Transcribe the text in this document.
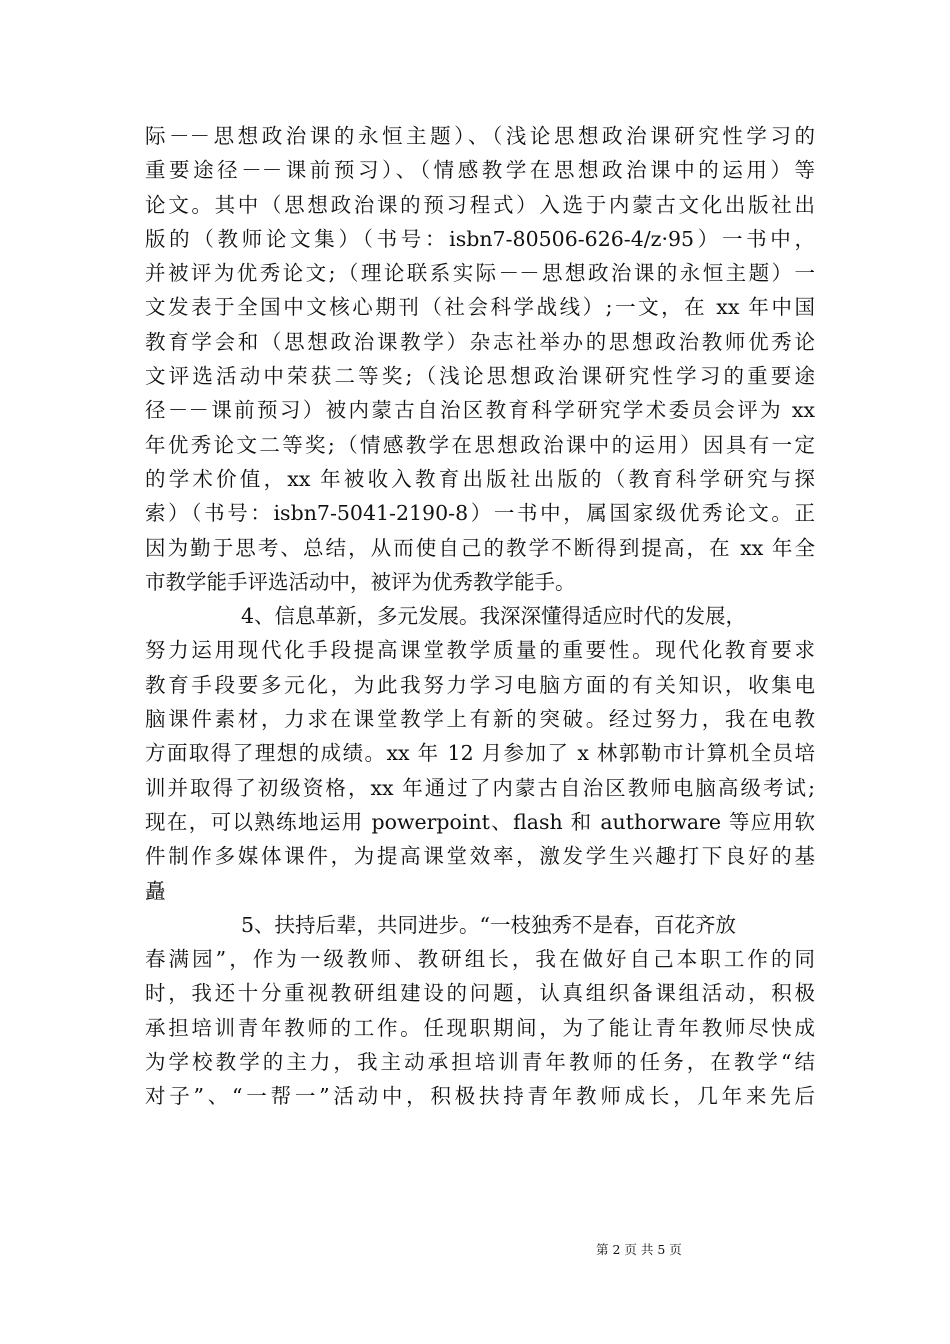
际－－思想政治课的永恒主题）、（浅论思想政治课研究性学习的
重要途径－－课前预习）、（情感教学在思想政治课中的运用）等
论文。其中（思想政治课的预习程式）入选于内蒙古文化出版社出
版的（教师论文集）（书号：isbn7-80506-626-4/z·95）一书中，
并被评为优秀论文;（理论联系实际－－思想政治课的永恒主题）一
文发表于全国中文核心期刊（社会科学战线）;一文，在 xx 年中国
教育学会和（思想政治课教学）杂志社举办的思想政治教师优秀论
文评选活动中荣获二等奖;（浅论思想政治课研究性学习的重要途
径－－课前预习）被内蒙古自治区教育科学研究学术委员会评为 xx
年优秀论文二等奖;（情感教学在思想政治课中的运用）因具有一定
的学术价值，xx 年被收入教育出版社出版的（教育科学研究与探
索）（书号：isbn7-5041-2190-8）一书中，属国家级优秀论文。正
因为勤于思考、总结，从而使自己的教学不断得到提高，在 xx 年全
市教学能手评选活动中，被评为优秀教学能手。
4、信息革新，多元发展。我深深懂得适应时代的发展，
努力运用现代化手段提高课堂教学质量的重要性。现代化教育要求
教育手段要多元化，为此我努力学习电脑方面的有关知识，收集电
脑课件素材，力求在课堂教学上有新的突破。经过努力，我在电教
方面取得了理想的成绩。xx 年 12 月参加了 x 林郭勒市计算机全员培
训并取得了初级资格，xx 年通过了内蒙古自治区教师电脑高级考试;
现在，可以熟练地运用 powerpoint、flash 和 authorware 等应用软
件制作多媒体课件，为提高课堂效率，激发学生兴趣打下良好的基
矗
5、扶持后辈，共同进步。“一枝独秀不是春，百花齐放
春满园”，作为一级教师、教研组长，我在做好自己本职工作的同
时，我还十分重视教研组建设的问题，认真组织备课组活动，积极
承担培训青年教师的工作。任现职期间，为了能让青年教师尽快成
为学校教学的主力，我主动承担培训青年教师的任务，在教学“结
对子”、“一帮一”活动中，积极扶持青年教师成长，几年来先后
第 2 页 共 5 页
